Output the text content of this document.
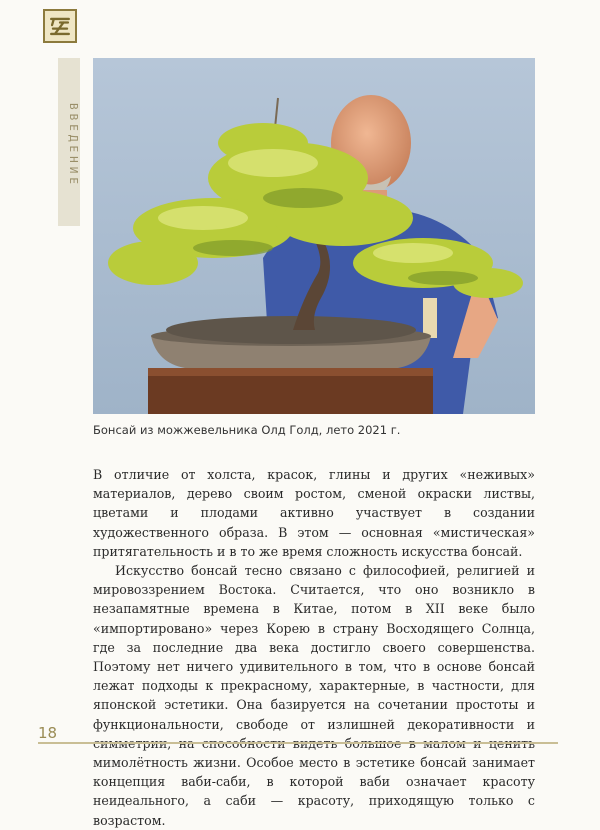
ВВЕДЕНИЕ
Бонсай из можжевельника Олд Голд, лето 2021 г.

В отличие от холста, красок, глины и других «неживых» материалов, дерево своим ростом, сменой окраски листвы, цветами и плодами активно участвует в создании художественного образа. В этом — основная «мистическая» притягательность и в то же время сложность искусства бонсай.

Искусство бонсай тесно связано с философией, религией и мировоззрением Востока. Считается, что оно возникло в незапамятные времена в Китае, потом в XII веке было «импортировано» через Корею в страну Восходящего Солнца, где за последние два века достигло своего совершенства. Поэтому нет ничего удивительного в том, что в основе бонсай лежат подходы к прекрасному, характерные, в частности, для японской эстетики. Она базируется на сочетании простоты и функциональности, свободе от излишней декоративности и мимолётность жизни. Особое место в эстетике бонсай занимает концепция ваби-саби, в которой ваби означает красоту неидеального, а саби — красоту, приходящую только с возрастом.

18
